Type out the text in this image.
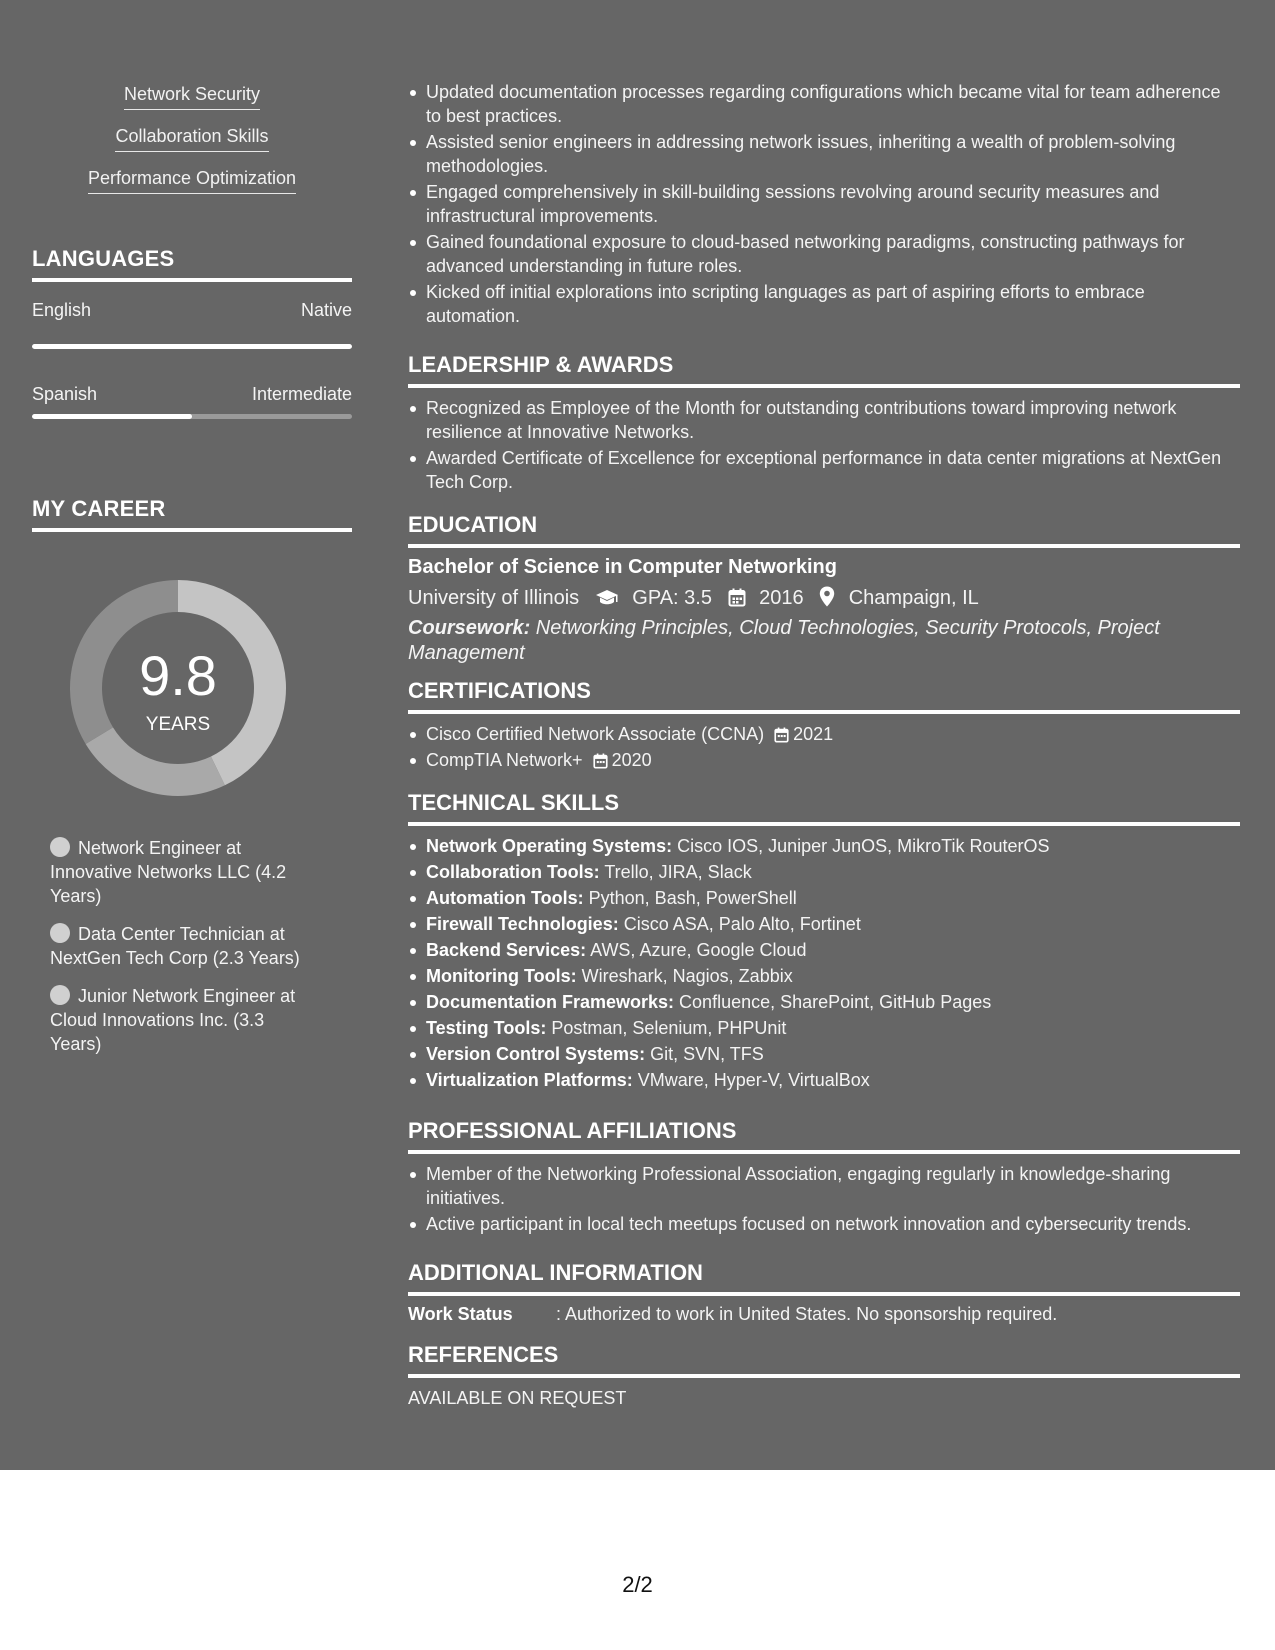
Network Security
Collaboration Skills
Performance Optimization
LANGUAGES
English	Native
Spanish	Intermediate
MY CAREER
9.8
YEARS
Network Engineer at Innovative Networks LLC (4.2 Years)
Data Center Technician at NextGen Tech Corp (2.3 Years)
Junior Network Engineer at Cloud Innovations Inc. (3.3 Years)
Updated documentation processes regarding configurations which became vital for team adherence to best practices.
Assisted senior engineers in addressing network issues, inheriting a wealth of problem-solving methodologies.
Engaged comprehensively in skill-building sessions revolving around security measures and infrastructural improvements.
Gained foundational exposure to cloud-based networking paradigms, constructing pathways for advanced understanding in future roles.
Kicked off initial explorations into scripting languages as part of aspiring efforts to embrace automation.
LEADERSHIP & AWARDS
Recognized as Employee of the Month for outstanding contributions toward improving network resilience at Innovative Networks.
Awarded Certificate of Excellence for exceptional performance in data center migrations at NextGen Tech Corp.
EDUCATION
Bachelor of Science in Computer Networking
University of Illinois	GPA: 3.5 2016 Champaign, IL
Coursework: Networking Principles, Cloud Technologies, Security Protocols, Project Management
CERTIFICATIONS
Cisco Certified Network Associate (CCNA) 2021
CompTIA Network+ 2020
TECHNICAL SKILLS
Network Operating Systems: Cisco IOS, Juniper JunOS, MikroTik RouterOS
Collaboration Tools: Trello, JIRA, Slack
Automation Tools: Python, Bash, PowerShell
Firewall Technologies: Cisco ASA, Palo Alto, Fortinet
Backend Services: AWS, Azure, Google Cloud
Monitoring Tools: Wireshark, Nagios, Zabbix
Documentation Frameworks: Confluence, SharePoint, GitHub Pages
Testing Tools: Postman, Selenium, PHPUnit
Version Control Systems: Git, SVN, TFS
Virtualization Platforms: VMware, Hyper-V, VirtualBox
PROFESSIONAL AFFILIATIONS
Member of the Networking Professional Association, engaging regularly in knowledge-sharing initiatives.
Active participant in local tech meetups focused on network innovation and cybersecurity trends.
ADDITIONAL INFORMATION
Work Status : Authorized to work in United States. No sponsorship required.
REFERENCES
AVAILABLE ON REQUEST
2/2
